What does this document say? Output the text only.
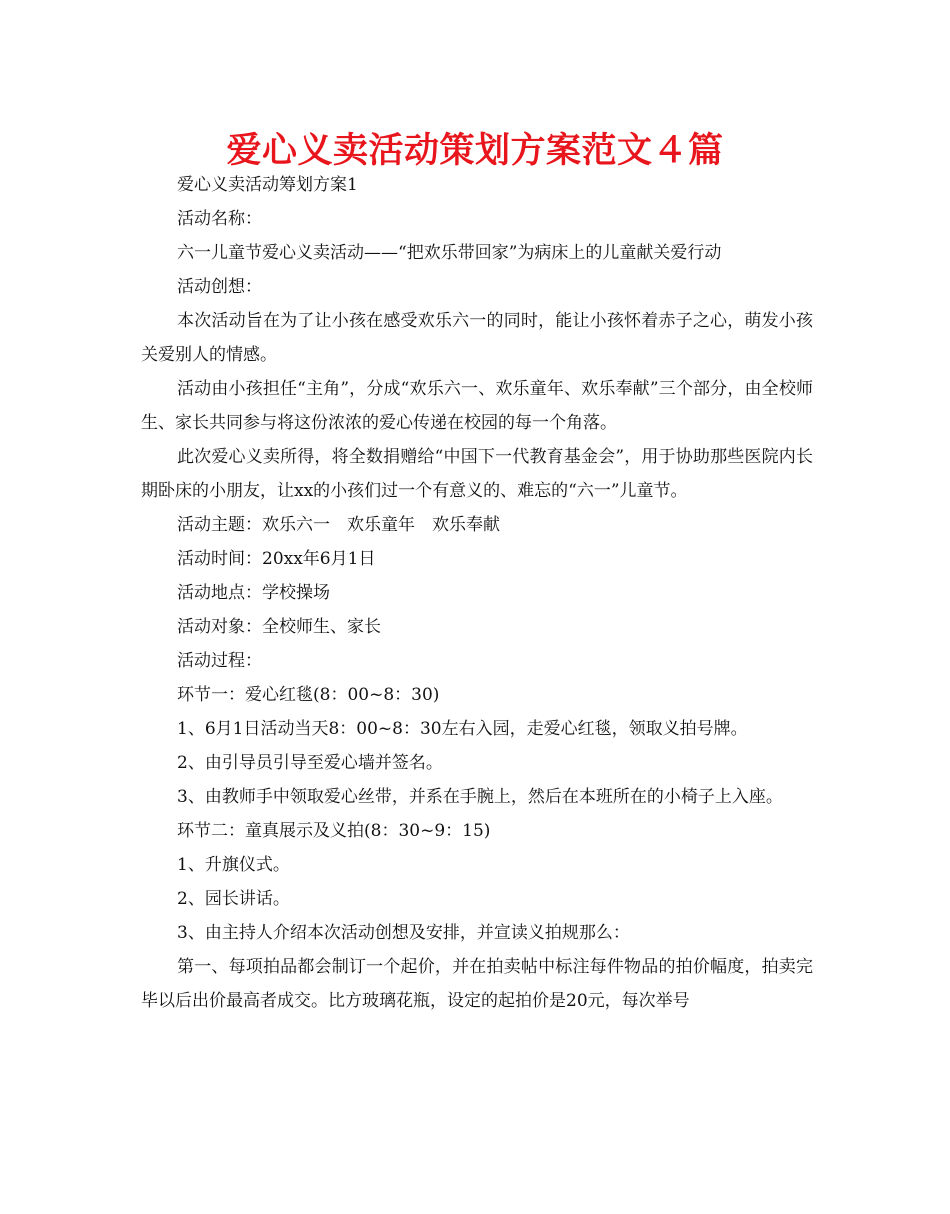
爱心义卖活动策划方案范文４篇

爱心义卖活动筹划方案1

活动名称：

六一儿童节爱心义卖活动——“把欢乐带回家”为病床上的儿童献关爱行动

活动创想：

本次活动旨在为了让小孩在感受欢乐六一的同时，能让小孩怀着赤子之心，萌发小孩关爱别人的情感。

活动由小孩担任“主角”，分成“欢乐六一、欢乐童年、欢乐奉献”三个部分，由全校师生、家长共同参与将这份浓浓的爱心传递在校园的每一个角落。

此次爱心义卖所得，将全数捐赠给“中国下一代教育基金会”，用于协助那些医院内长期卧床的小朋友，让xx的小孩们过一个有意义的、难忘的“六一”儿童节。

活动主题：欢乐六一　欢乐童年　欢乐奉献

活动时间：20xx年6月1日

活动地点：学校操场

活动对象：全校师生、家长

活动过程：

环节一：爱心红毯(8：00~8：30)

1、6月1日活动当天8：00~8：30左右入园，走爱心红毯，领取义拍号牌。

2、由引导员引导至爱心墙并签名。

3、由教师手中领取爱心丝带，并系在手腕上，然后在本班所在的小椅子上入座。

环节二：童真展示及义拍(8：30~9：15)

1、升旗仪式。

2、园长讲话。

3、由主持人介绍本次活动创想及安排，并宣读义拍规那么：

第一、每项拍品都会制订一个起价，并在拍卖帖中标注每件物品的拍价幅度，拍卖完毕以后出价最高者成交。比方玻璃花瓶，设定的起拍价是20元，每次举号
